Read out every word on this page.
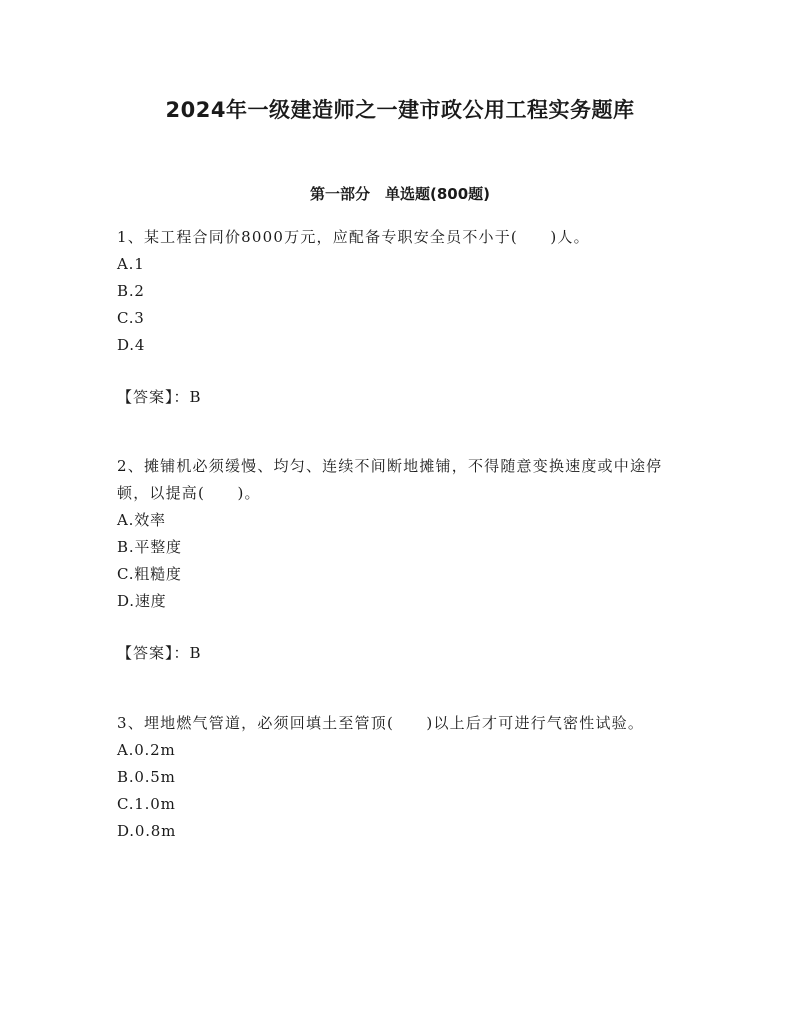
2024年一级建造师之一建市政公用工程实务题库
第一部分　单选题(800题)

1、某工程合同价8000万元，应配备专职安全员不小于(　　)人。

A.1

B.2

C.3

D.4

【答案】：B

2、摊铺机必须缓慢、均匀、连续不间断地摊铺，不得随意变换速度或中途停顿，以提高(　　)。

A.效率

B.平整度

C.粗糙度

D.速度

【答案】：B

3、埋地燃气管道，必须回填土至管顶(　　)以上后才可进行气密性试验。

A.0.2m

B.0.5m

C.1.0m

D.0.8m
